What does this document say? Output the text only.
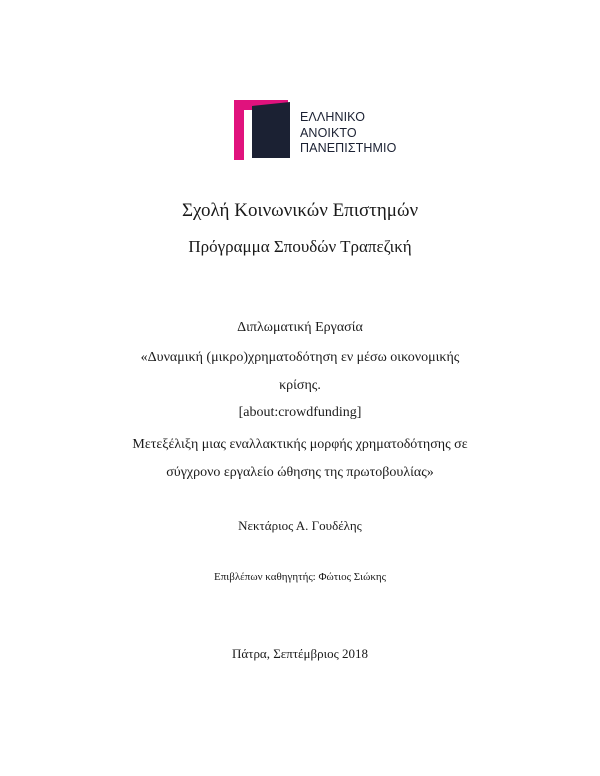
ΕΛΛΗΝΙΚΟ
ΑΝΟΙΚΤΟ
ΠΑΝΕΠΙΣΤΗΜΙΟ
Σχολή Κοινωνικών Επιστημών
Πρόγραμμα Σπουδών Τραπεζική
Διπλωματική Εργασία
«Δυναμική (μικρο)χρηματοδότηση εν μέσω οικονομικής
κρίσης.
[about:crowdfunding]
Μετεξέλιξη μιας εναλλακτικής μορφής χρηματοδότησης σε
σύγχρονο εργαλείο ώθησης της πρωτοβουλίας»
Νεκτάριος Α. Γουδέλης
Επιβλέπων καθηγητής: Φώτιος Σιώκης
Πάτρα, Σεπτέμβριος 2018
